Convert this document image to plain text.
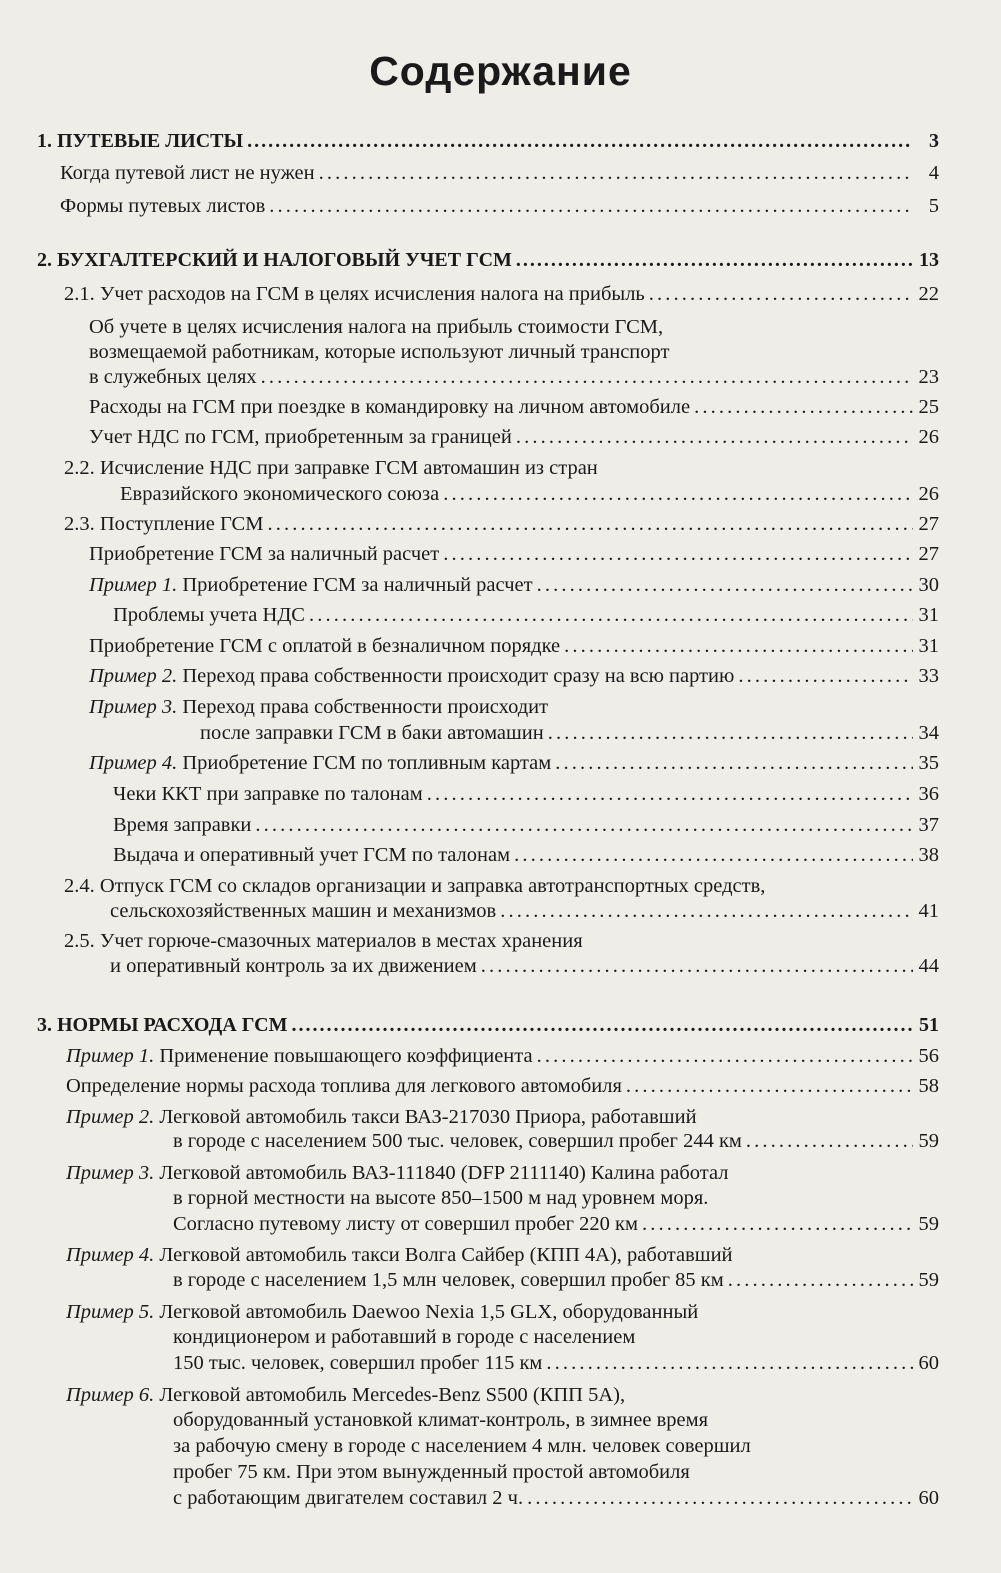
Содержание
1. ПУТЕВЫЕ ЛИСТЫ . . .	3
Когда путевой лист не нужен . . .	4
Формы путевых листов . . .	5
2. БУХГАЛТЕРСКИЙ И НАЛОГОВЫЙ УЧЕТ ГСМ . . .	13
2.1. Учет расходов на ГСМ в целях исчисления налога на прибыль . . .	22
Об учете в целях исчисления налога на прибыль стоимости ГСМ,
возмещаемой работникам, которые используют личный транспорт
в служебных целях . . .	23
Расходы на ГСМ при поездке в командировку на личном автомобиле . . .	25
Учет НДС по ГСМ, приобретенным за границей . . .	26
2.2. Исчисление НДС при заправке ГСМ автомашин из стран
Евразийского экономического союза . . .	26
2.3. Поступление ГСМ . . .	27
Приобретение ГСМ за наличный расчет . . .	27
Пример 1. Приобретение ГСМ за наличный расчет . . .	30
Проблемы учета НДС . . .	31
Приобретение ГСМ с оплатой в безналичном порядке . . .	31
Пример 2. Переход права собственности происходит сразу на всю партию . . .	33
Пример 3. Переход права собственности происходит
после заправки ГСМ в баки автомашин . . .	34
Пример 4. Приобретение ГСМ по топливным картам . . .	35
Чеки ККТ при заправке по талонам . . .	36
Время заправки . . .	37
Выдача и оперативный учет ГСМ по талонам . . .	38
2.4. Отпуск ГСМ со складов организации и заправка автотранспортных средств,
сельскохозяйственных машин и механизмов . . .	41
2.5. Учет горюче-смазочных материалов в местах хранения
и оперативный контроль за их движением . . .	44
3. НОРМЫ РАСХОДА ГСМ . . .	51
Пример 1. Применение повышающего коэффициента . . .	56
Определение нормы расхода топлива для легкового автомобиля . . .	58
Пример 2. Легковой автомобиль такси ВАЗ-217030 Приора, работавший
в городе с населением 500 тыс. человек, совершил пробег 244 км . . .	59
Пример 3. Легковой автомобиль ВАЗ-111840 (DFP 2111140) Калина работал
в горной местности на высоте 850–1500 м над уровнем моря.
Согласно путевому листу от совершил пробег 220 км . . .	59
Пример 4. Легковой автомобиль такси Волга Сайбер (КПП 4А), работавший
в городе с населением 1,5 млн человек, совершил пробег 85 км . . .	59
Пример 5. Легковой автомобиль Daewoo Nexia 1,5 GLX, оборудованный
кондиционером и работавший в городе с населением
150 тыс. человек, совершил пробег 115 км . . .	60
Пример 6. Легковой автомобиль Mercedes-Benz S500 (КПП 5А),
оборудованный установкой климат-контроль, в зимнее время
за рабочую смену в городе с населением 4 млн. человек совершил
пробег 75 км. При этом вынужденный простой автомобиля
с работающим двигателем составил 2 ч. . . .	60
